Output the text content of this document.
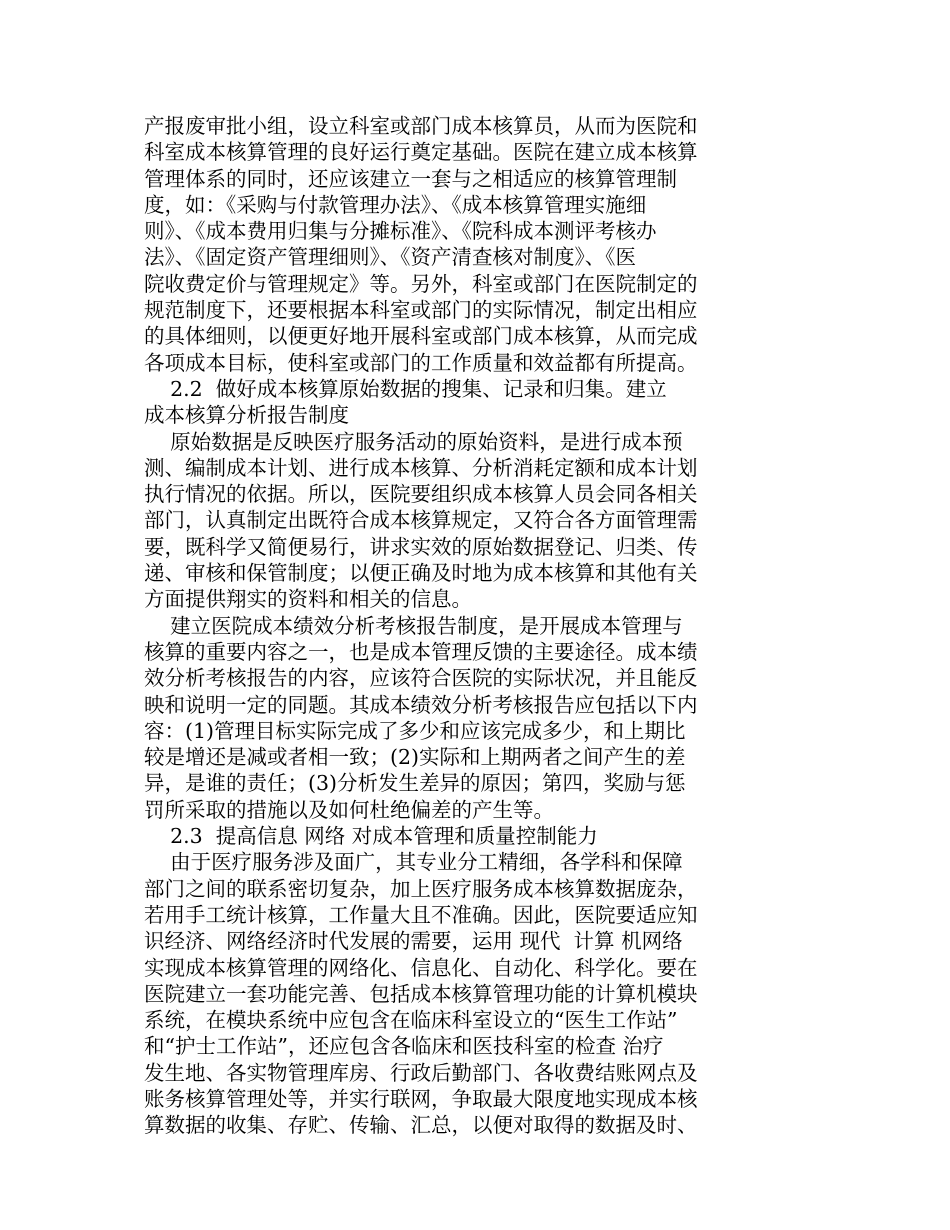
产报废审批小组，设立科室或部门成本核算员，从而为医院和
科室成本核算管理的良好运行奠定基础。医院在建立成本核算
管理体系的同时，还应该建立一套与之相适应的核算管理制
度，如：《采购与付款管理办法》、《成本核算管理实施细
则》、《成本费用归集与分摊标准》、《院科成本测评考核办
法》、《固定资产管理细则》、《资产清查核对制度》、《医
院收费定价与管理规定》等。另外，科室或部门在医院制定的
规范制度下，还要根据本科室或部门的实际情况，制定出相应
的具体细则，以便更好地开展科室或部门成本核算，从而完成
各项成本目标，使科室或部门的工作质量和效益都有所提高。
2.2  做好成本核算原始数据的搜集、记录和归集。建立
成本核算分析报告制度
原始数据是反映医疗服务活动的原始资料，是进行成本预
测、编制成本计划、进行成本核算、分析消耗定额和成本计划
执行情况的依据。所以，医院要组织成本核算人员会同各相关
部门，认真制定出既符合成本核算规定，又符合各方面管理需
要，既科学又简便易行，讲求实效的原始数据登记、归类、传
递、审核和保管制度；以便正确及时地为成本核算和其他有关
方面提供翔实的资料和相关的信息。
建立医院成本绩效分析考核报告制度，是开展成本管理与
核算的重要内容之一，也是成本管理反馈的主要途径。成本绩
效分析考核报告的内容，应该符合医院的实际状况，并且能反
映和说明一定的同题。其成本绩效分析考核报告应包括以下内
容：(1)管理目标实际完成了多少和应该完成多少，和上期比
较是增还是减或者相一致；(2)实际和上期两者之间产生的差
异，是谁的责任；(3)分析发生差异的原因；第四，奖励与惩
罚所采取的措施以及如何杜绝偏差的产生等。
2.3  提高信息 网络 对成本管理和质量控制能力
由于医疗服务涉及面广，其专业分工精细，各学科和保障
部门之间的联系密切复杂，加上医疗服务成本核算数据庞杂，
若用手工统计核算，工作量大且不准确。因此，医院要适应知
识经济、网络经济时代发展的需要，运用 现代  计算 机网络
实现成本核算管理的网络化、信息化、自动化、科学化。要在
医院建立一套功能完善、包括成本核算管理功能的计算机模块
系统，在模块系统中应包含在临床科室设立的“医生工作站”
和“护士工作站”，还应包含各临床和医技科室的检查 治疗
发生地、各实物管理库房、行政后勤部门、各收费结账网点及
账务核算管理处等，并实行联网，争取最大限度地实现成本核
算数据的收集、存贮、传输、汇总，以便对取得的数据及时、
